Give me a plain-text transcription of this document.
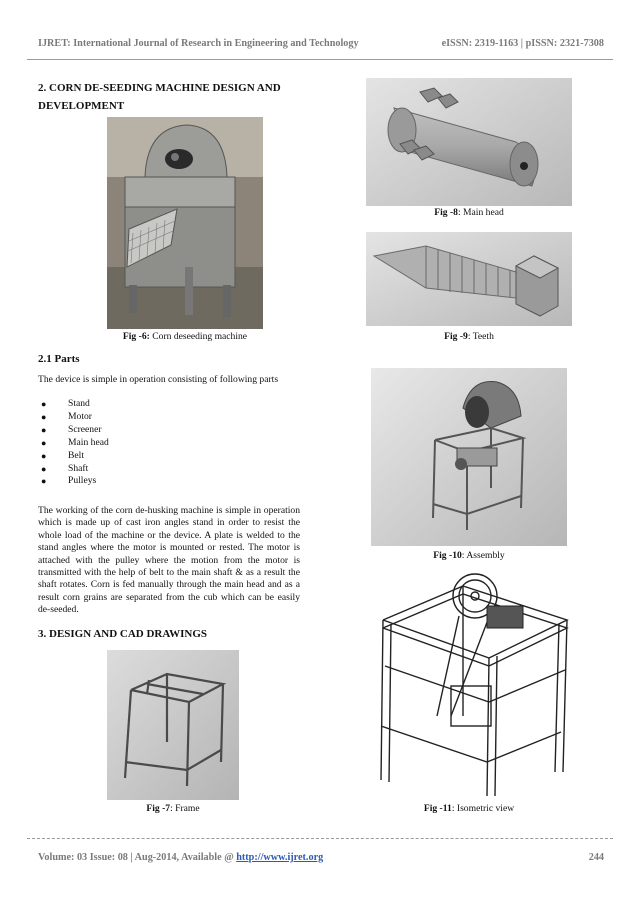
IJRET: International Journal of Research in Engineering and Technology	eISSN: 2319-1163 | pISSN: 2321-7308
2. CORN DE-SEEDING MACHINE DESIGN AND
DEVELOPMENT
Fig -6: Corn deseeding machine
2.1 Parts
The device is simple in operation consisting of following parts
●	Stand
●	Motor
●	Screener
●	Main head
●	Belt
●	Shaft
●	Pulleys
The working of the corn de-husking machine is simple in operation which is made up of cast iron angles stand in order to resist the whole load of the machine or the device. A plate is welded to the stand angles where the motor is mounted or rested. The motor is attached with the pulley where the motion from the motor is transmitted with the help of belt to the main shaft & as a result the shaft rotates. Corn is fed manually through the main head and as a result corn grains are separated from the cub which can be easily de-seeded.
3. DESIGN AND CAD DRAWINGS
Fig -7: Frame
Fig -8: Main head
Fig -9: Teeth
Fig -10: Assembly
Fig -11: Isometric view
Volume: 03 Issue: 08 | Aug-2014, Available @ http://www.ijret.org	244
